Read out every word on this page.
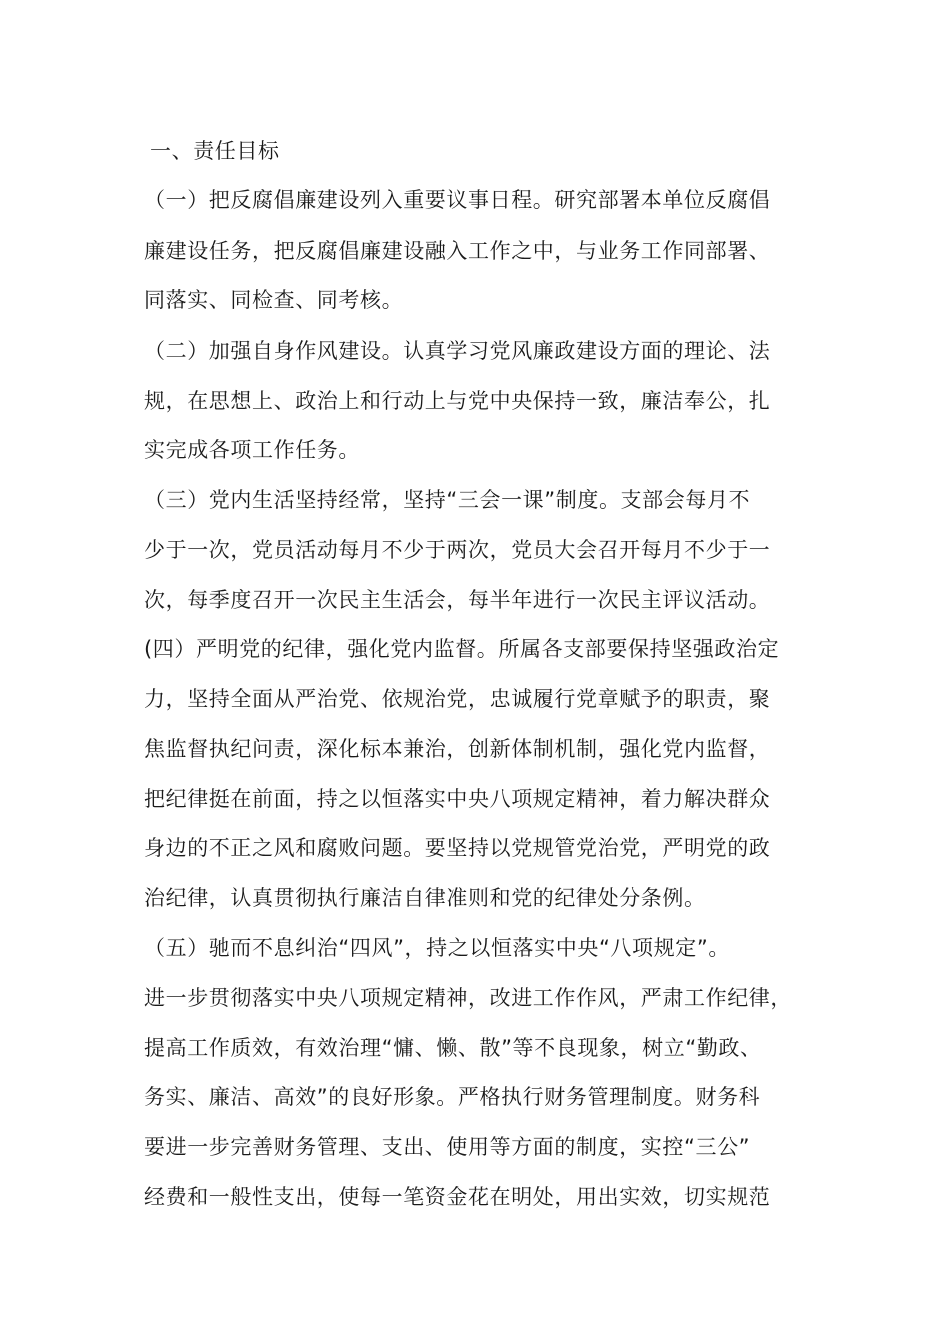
一、责任目标
（一）把反腐倡廉建设列入重要议事日程。研究部署本单位反腐倡
廉建设任务，把反腐倡廉建设融入工作之中，与业务工作同部署、
同落实、同检查、同考核。
（二）加强自身作风建设。认真学习党风廉政建设方面的理论、法
规，在思想上、政治上和行动上与党中央保持一致，廉洁奉公，扎
实完成各项工作任务。
（三）党内生活坚持经常，坚持“三会一课”制度。支部会每月不
少于一次，党员活动每月不少于两次，党员大会召开每月不少于一
次，每季度召开一次民主生活会，每半年进行一次民主评议活动。
(四）严明党的纪律，强化党内监督。所属各支部要保持坚强政治定
力，坚持全面从严治党、依规治党，忠诚履行党章赋予的职责，聚
焦监督执纪问责，深化标本兼治，创新体制机制，强化党内监督，
把纪律挺在前面，持之以恒落实中央八项规定精神，着力解决群众
身边的不正之风和腐败问题。要坚持以党规管党治党，严明党的政
治纪律，认真贯彻执行廉洁自律准则和党的纪律处分条例。
（五）驰而不息纠治“四风”，持之以恒落实中央“八项规定”。
进一步贯彻落实中央八项规定精神，改进工作作风，严肃工作纪律，
提高工作质效，有效治理“慵、懒、散”等不良现象，树立“勤政、
务实、廉洁、高效”的良好形象。严格执行财务管理制度。财务科
要进一步完善财务管理、支出、使用等方面的制度，实控“三公”
经费和一般性支出，使每一笔资金花在明处，用出实效，切实规范
